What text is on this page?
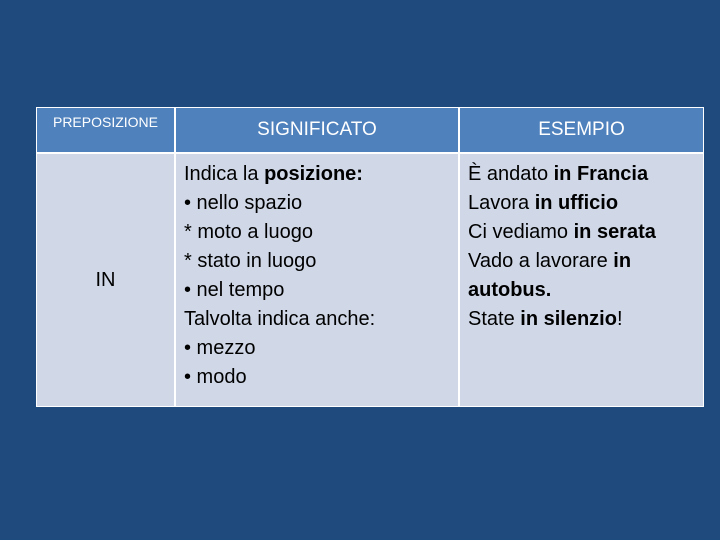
PREPOSIZIONE	SIGNIFICATO	ESEMPIO
IN
Indica la posizione:
• nello spazio
* moto a luogo
* stato in luogo
• nel tempo
Talvolta indica anche:
• mezzo
• modo
È andato in Francia
Lavora in ufficio
Ci vediamo in serata
Vado a lavorare in
autobus.
State in silenzio!
